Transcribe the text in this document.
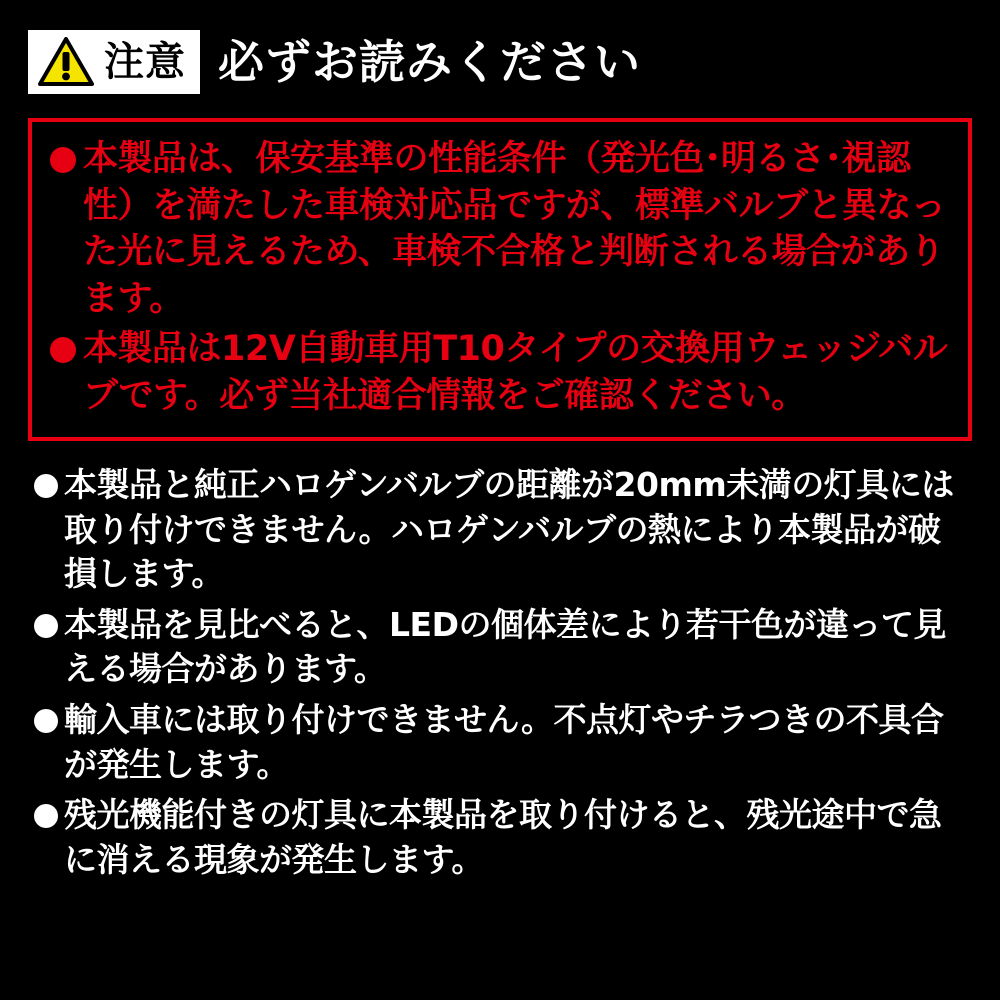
注意 必ずお読みください
本製品は、保安基準の性能条件（発光色･明るさ･視認性）を満たした車検対応品ですが、標準バルブと異なった光に見えるため、車検不合格と判断される場合があります。
本製品は12V自動車用T10タイプの交換用ウェッジバルブです。必ず当社適合情報をご確認ください。
本製品と純正ハロゲンバルブの距離が20mm未満の灯具には取り付けできません。ハロゲンバルブの熱により本製品が破損します。
本製品を見比べると、LEDの個体差により若干色が違って見える場合があります。
輸入車には取り付けできません。不点灯やチラつきの不具合が発生します。
残光機能付きの灯具に本製品を取り付けると、残光途中で急に消える現象が発生します。
